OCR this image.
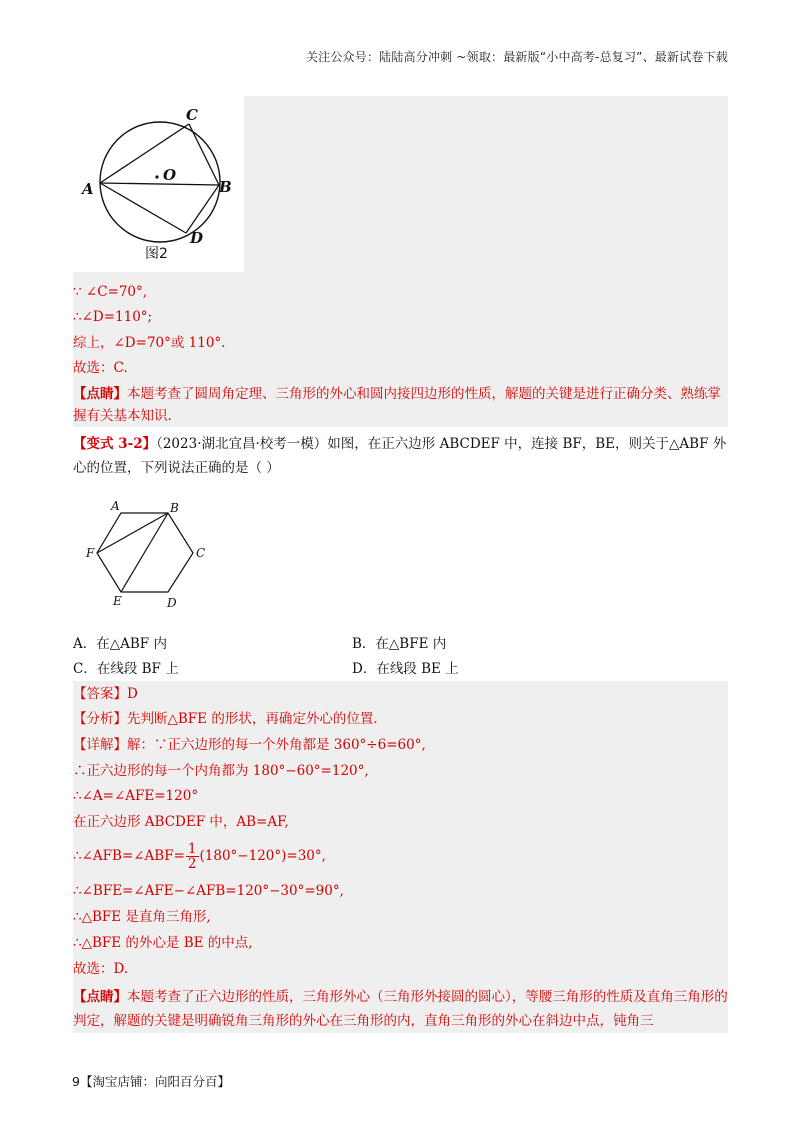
关注公众号：陆陆高分冲刺 ~领取：最新版“小中高考-总复习”、最新试卷下载
C
O
A	B
D
图2
∵ ∠C=70°,
∴∠D=110°;
综上，∠D=70°或 110°.
故选：C.
【点睛】本题考查了圆周角定理、三角形的外心和圆内接四边形的性质，解题的关键是进行正确分类、熟练掌握有关基本知识.
【变式 3-2】（2023·湖北宜昌·校考一模）如图，在正六边形 ABCDEF 中，连接 BF，BE，则关于△ABF 外心的位置，下列说法正确的是（ ）
A	B
C
D
E
F
A．在△ABF 内	B．在△BFE 内
C．在线段 BF 上	D．在线段 BE 上
【答案】D
【分析】先判断△BFE 的形状，再确定外心的位置.
【详解】解：∵正六边形的每一个外角都是 360°÷6=60°,
∴正六边形的每一个内角都为 180°−60°=120°,
∴∠A=∠AFE=120°
在正六边形 ABCDEF 中，AB=AF,
∴∠AFB=∠ABF= $\frac{1}{2} (180^\circ-120^\circ)=30^\circ$,
∴∠BFE=∠AFE−∠AFB=120°−30°=90°,
∴△BFE 是直角三角形,
∴△BFE 的外心是 BE 的中点,
故选：D.
【点睛】本题考查了正六边形的性质，三角形外心（三角形外接圆的圆心），等腰三角形的性质及直角三角形的判定，解题的关键是明确锐角三角形的外心在三角形的内，直角三角形的外心在斜边中点，钝角三
9【淘宝店铺：向阳百分百】
